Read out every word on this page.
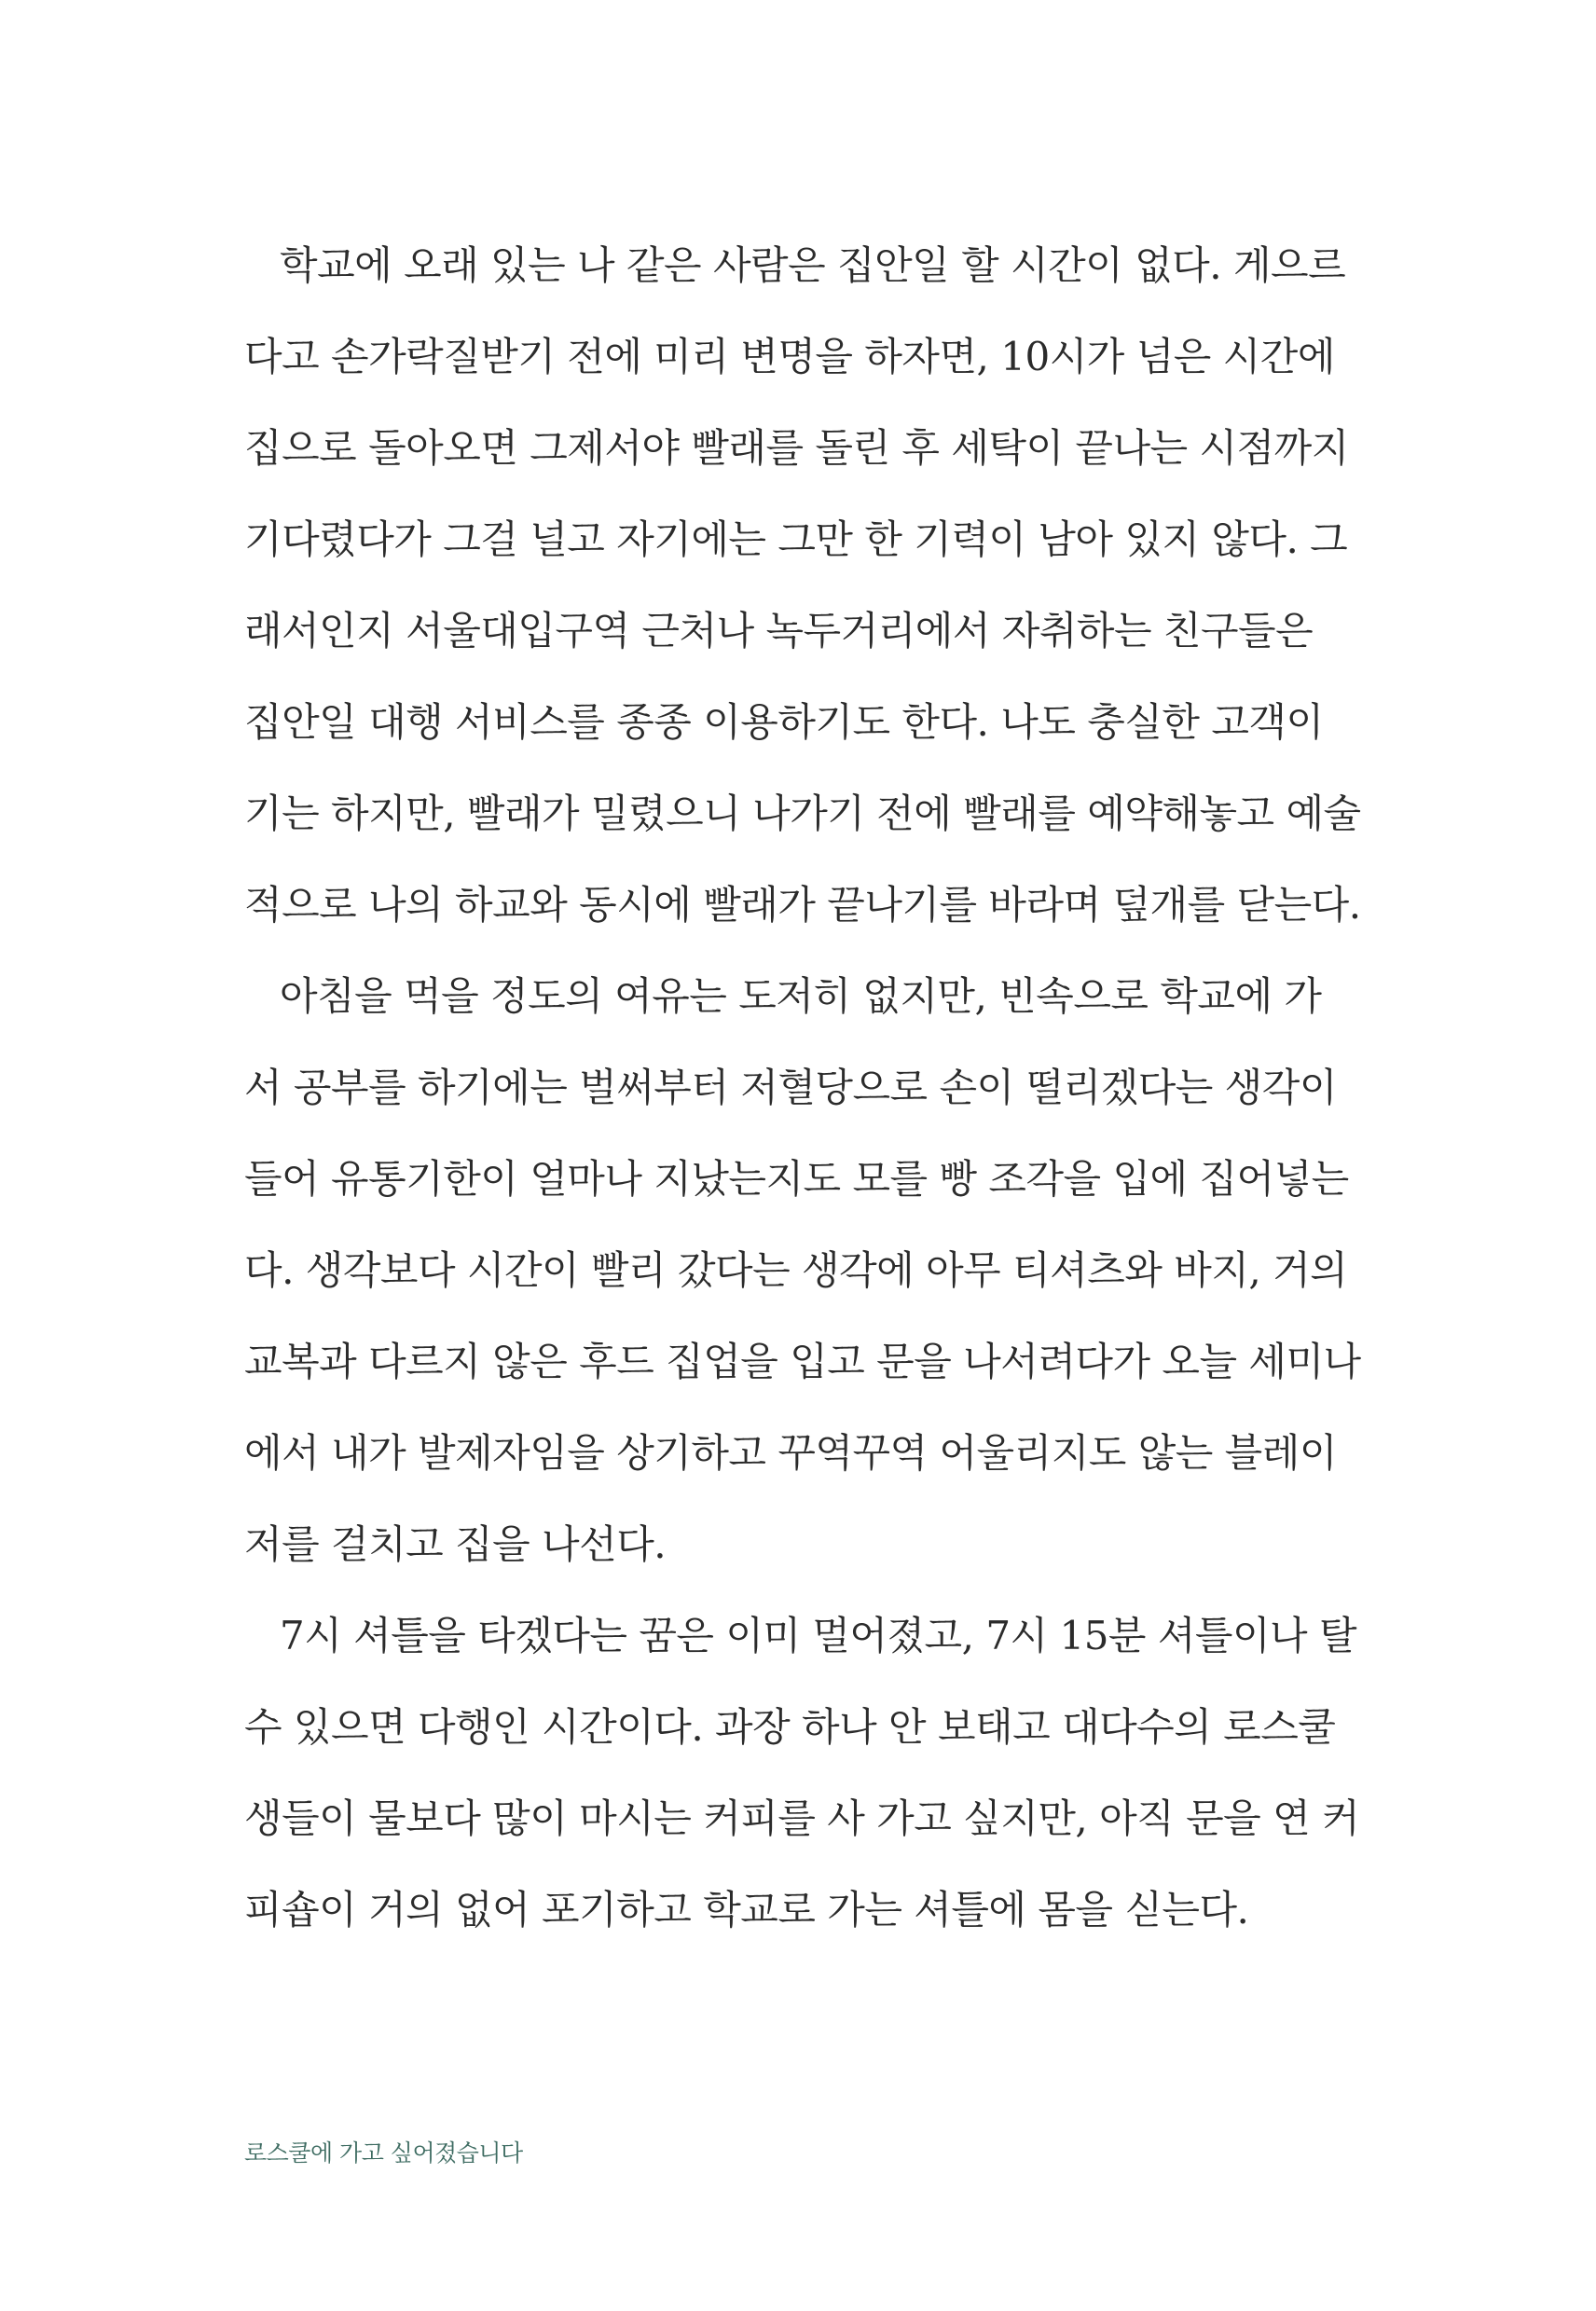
학교에 오래 있는 나 같은 사람은 집안일 할 시간이 없다. 게으르
다고 손가락질받기 전에 미리 변명을 하자면, 10시가 넘은 시간에
집으로 돌아오면 그제서야 빨래를 돌린 후 세탁이 끝나는 시점까지
기다렸다가 그걸 널고 자기에는 그만 한 기력이 남아 있지 않다. 그
래서인지 서울대입구역 근처나 녹두거리에서 자취하는 친구들은
집안일 대행 서비스를 종종 이용하기도 한다. 나도 충실한 고객이
기는 하지만, 빨래가 밀렸으니 나가기 전에 빨래를 예약해놓고 예술
적으로 나의 하교와 동시에 빨래가 끝나기를 바라며 덮개를 닫는다.
아침을 먹을 정도의 여유는 도저히 없지만, 빈속으로 학교에 가
서 공부를 하기에는 벌써부터 저혈당으로 손이 떨리겠다는 생각이
들어 유통기한이 얼마나 지났는지도 모를 빵 조각을 입에 집어넣는
다. 생각보다 시간이 빨리 갔다는 생각에 아무 티셔츠와 바지, 거의
교복과 다르지 않은 후드 집업을 입고 문을 나서려다가 오늘 세미나
에서 내가 발제자임을 상기하고 꾸역꾸역 어울리지도 않는 블레이
저를 걸치고 집을 나선다.
7시 셔틀을 타겠다는 꿈은 이미 멀어졌고, 7시 15분 셔틀이나 탈
수 있으면 다행인 시간이다. 과장 하나 안 보태고 대다수의 로스쿨
생들이 물보다 많이 마시는 커피를 사 가고 싶지만, 아직 문을 연 커
피숍이 거의 없어 포기하고 학교로 가는 셔틀에 몸을 싣는다.
로스쿨에 가고 싶어졌습니다
